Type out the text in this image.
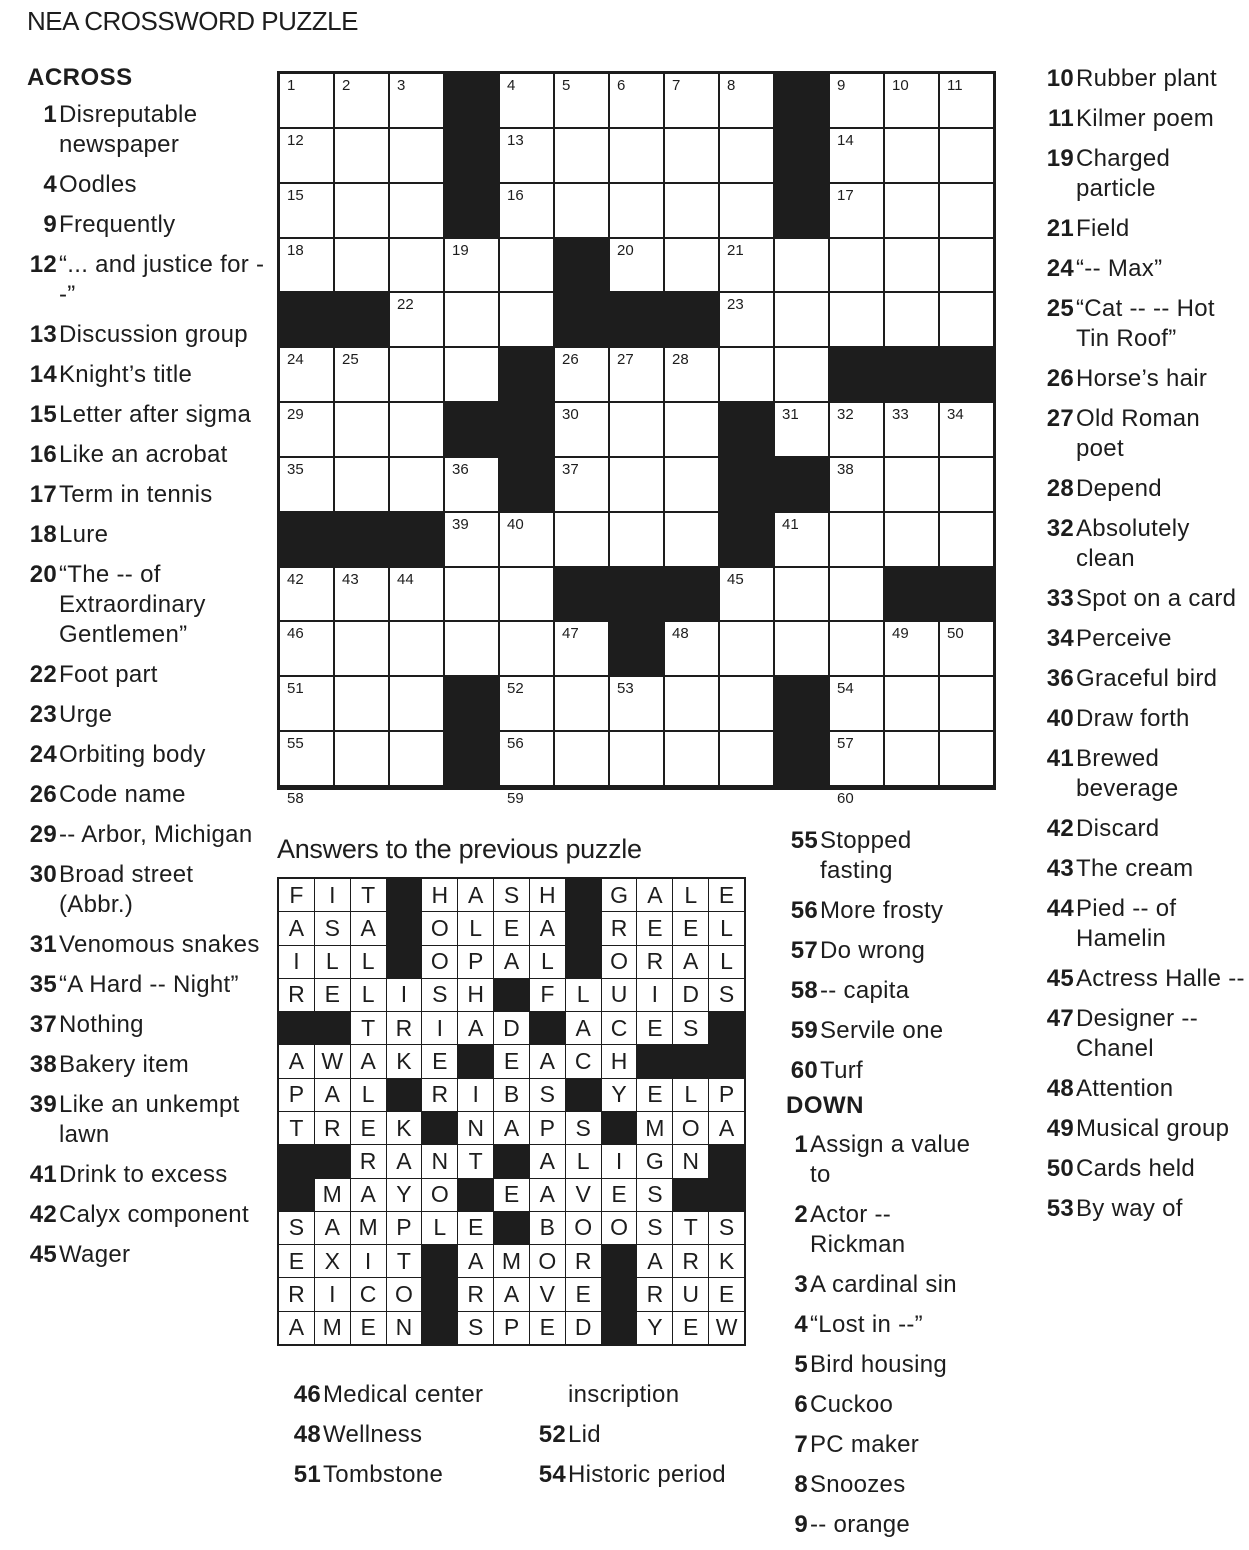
NEA CROSSWORD PUZZLE
ACROSS
1 Disreputable newspaper
4 Oodles
9 Frequently
12 “... and justice for --”
13 Discussion group
14 Knight’s title
15 Letter after sigma
16 Like an acrobat
17 Term in tennis
18 Lure
20 “The -- of Extraordinary Gentlemen”
22 Foot part
23 Urge
24 Orbiting body
26 Code name
29 -- Arbor, Michigan
30 Broad street (Abbr.)
31 Venomous snakes
35 “A Hard -- Night”
37 Nothing
38 Bakery item
39 Like an unkempt lawn
41 Drink to excess
42 Calyx component
45 Wager
1	2	3	4	5	6	7	8	9	10	11
12	13	14
15	16	17
18	19	20	21
22	23
24	25	26	27	28
29	30	31	32	33	34
35	36	37	38
39	40	41
42	43	44	45
46	47	48	49	50
51	52	53	54
55	56	57
58	59	60
Answers to the previous puzzle
F	I	T	H A S H	G A L E
A S A	O L E A	R E E L
I	L	L	O P A L	O R A L
R E L	I	S H	F L U	I	D S
T R	I	A D	A C E S
A W A K E	E A C H
P A L	R	I	B S	Y E L P
T R E K	N A P S	M O A
R A N T	A L	I	G N
M A Y O	E A V E S
S A M P L E	B O O S T S
E X	I	T	A M O R	A R K
R	I	C O	R A V E	R U E
A M E N	S P E D	Y E W
46 Medical center
48 Wellness
51 Tombstone
inscription
52 Lid
54 Historic period
55 Stopped fasting
56 More frosty
57 Do wrong
58 -- capita
59 Servile one
60 Turf
DOWN
1 Assign a value to
2 Actor -- Rickman
3 A cardinal sin
4 “Lost in --”
5 Bird housing
6 Cuckoo
7 PC maker
8 Snoozes
9 -- orange
10 Rubber plant
11 Kilmer poem
19 Charged particle
21 Field
24 “-- Max”
25 “Cat -- -- Hot Tin Roof”
26 Horse’s hair
27 Old Roman poet
28 Depend
32 Absolutely clean
33 Spot on a card
34 Perceive
36 Graceful bird
40 Draw forth
41 Brewed beverage
42 Discard
43 The cream
44 Pied -- of Hamelin
45 Actress Halle --
47 Designer -- Chanel
48 Attention
49 Musical group
50 Cards held
53 By way of
